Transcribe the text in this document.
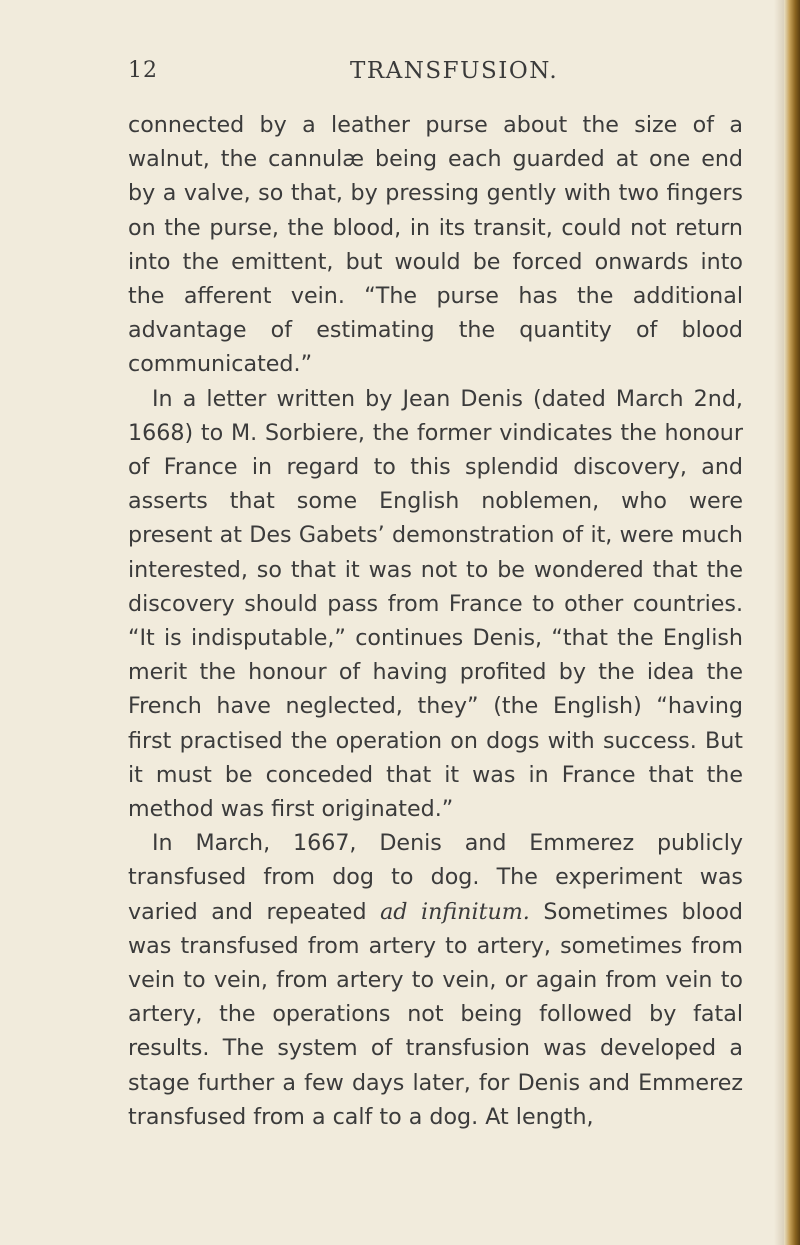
12	TRANSFUSION.

connected by a leather purse about the size of a walnut, the cannulæ being each guarded at one end by a valve, so that, by pressing gently with two fingers on the purse, the blood, in its transit, could not return into the emittent, but would be forced onwards into the afferent vein. “The purse has the additional advantage of estimating the quantity of blood communicated.”

In a letter written by Jean Denis (dated March 2nd, 1668) to M. Sorbiere, the former vindicates the honour of France in regard to this splendid discovery, and asserts that some English noblemen, who were present at Des Gabets’ demonstration of it, were much interested, so that it was not to be wondered that the discovery should pass from France to other countries. “It is indisputable,” continues Denis, “that the English merit the honour of having profited by the idea the French have neglected, they” (the English) “having first practised the operation on dogs with success. But it must be conceded that it was in France that the method was first originated.”

In March, 1667, Denis and Emmerez publicly transfused from dog to dog. The experiment was varied and repeated ad infinitum. Sometimes blood was transfused from artery to artery, sometimes from vein to vein, from artery to vein, or again from vein to artery, the operations not being followed by fatal results. The system of transfusion was developed a stage further a few days later, for Denis and Emmerez transfused from a calf to a dog. At length,
